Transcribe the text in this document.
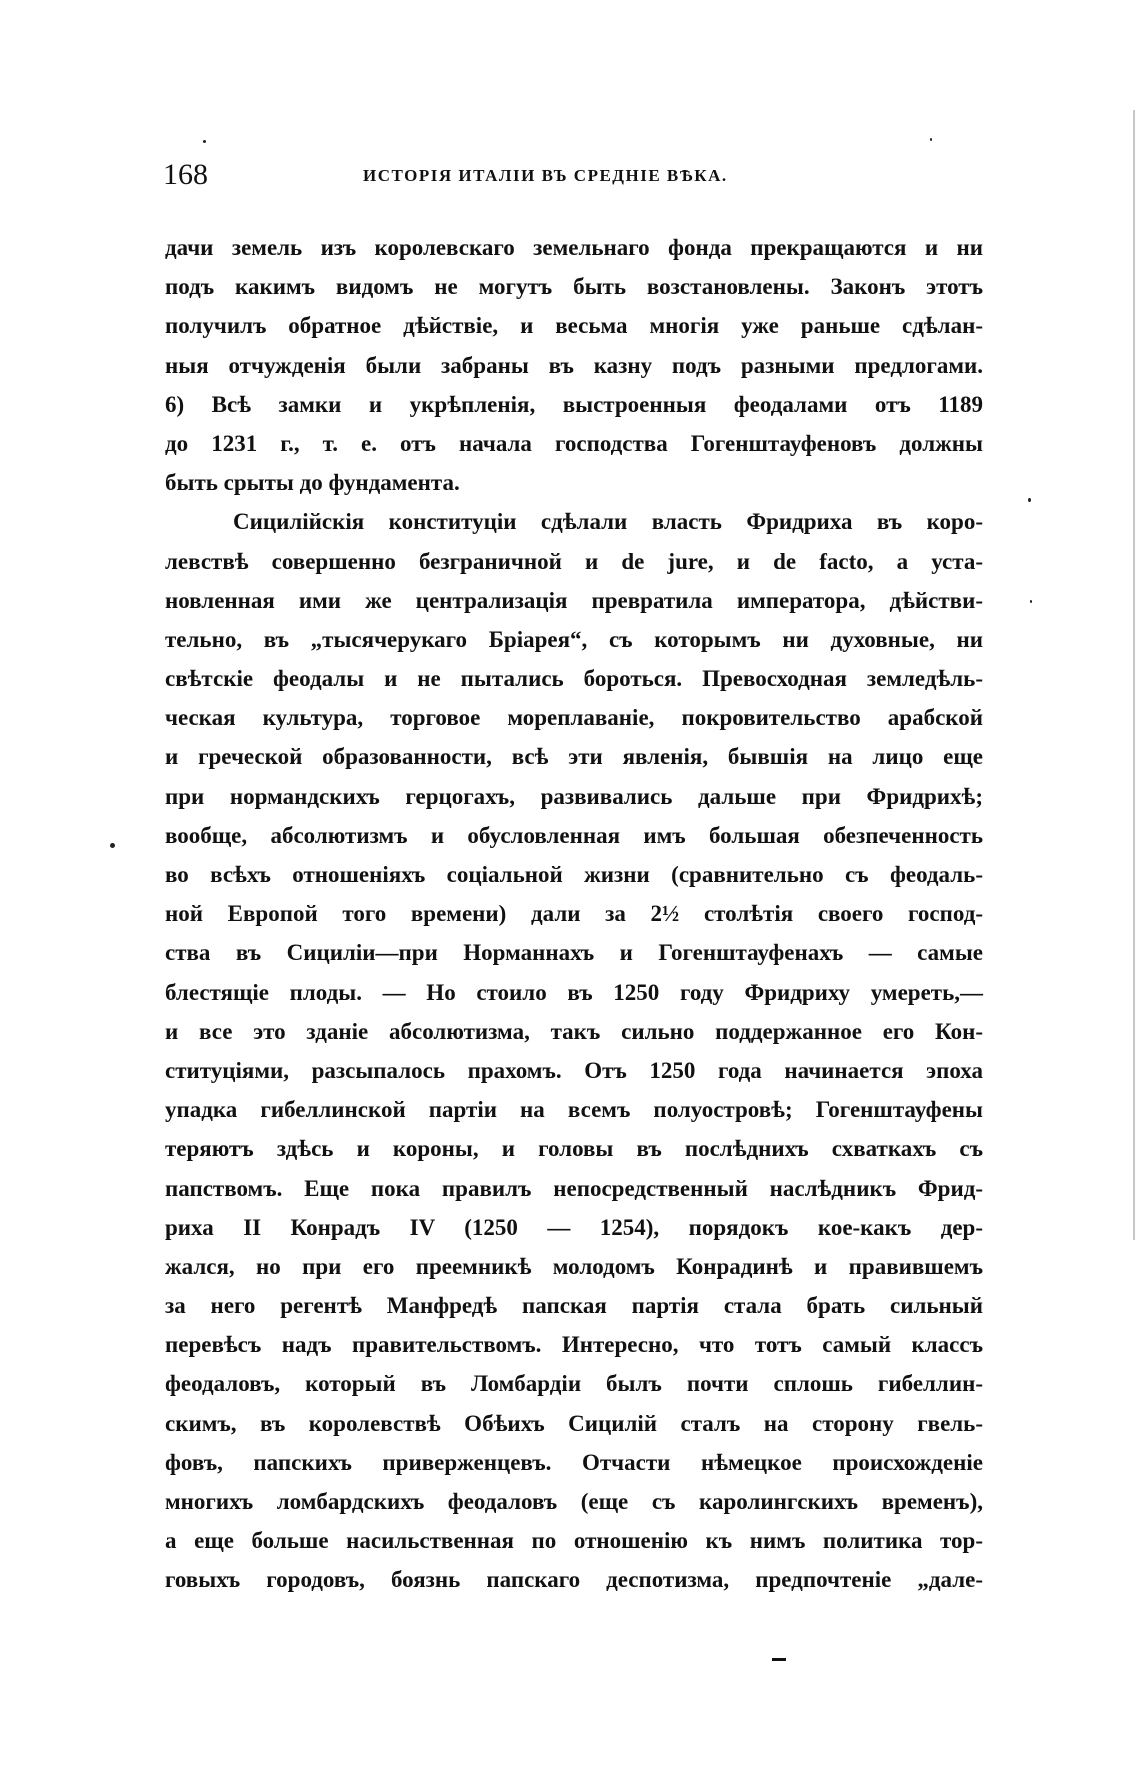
168	ИСТОРІЯ ИТАЛІИ ВЪ СРЕДНІЕ ВѢКА.
дачи земель изъ королевскаго земельнаго фонда прекращаются и ни
подъ какимъ видомъ не могутъ быть возстановлены. Законъ этотъ
получилъ обратное дѣйствіе, и весьма многія уже раньше сдѣлан-
ныя отчужденія были забраны въ казну подъ разными предлогами.
6) Всѣ замки и укрѣпленія, выстроенныя феодалами отъ 1189
до 1231 г., т. е. отъ начала господства Гогенштауфеновъ должны
быть срыты до фундамента.
Сицилійскія конституціи сдѣлали власть Фридриха въ коро-
левствѣ совершенно безграничной и de jure, и de facto, а уста-
новленная ими же централизація превратила императора, дѣйстви-
тельно, въ „тысячерукаго Бріарея“, съ которымъ ни духовные, ни
свѣтскіе феодалы и не пытались бороться. Превосходная земледѣль-
ческая культура, торговое мореплаваніе, покровительство арабской
и греческой образованности, всѣ эти явленія, бывшія на лицо еще
при нормандскихъ герцогахъ, развивались дальше при Фридрихѣ;
вообще, абсолютизмъ и обусловленная имъ большая обезпеченность
во всѣхъ отношеніяхъ соціальной жизни (сравнительно съ феодаль-
ной Европой того времени) дали за 2½ столѣтія своего господ-
ства въ Сициліи—при Норманнахъ и Гогенштауфенахъ — самые
блестящіе плоды. — Но стоило въ 1250 году Фридриху умереть,—
и все это зданіе абсолютизма, такъ сильно поддержанное его Кон-
ституціями, разсыпалось прахомъ. Отъ 1250 года начинается эпоха
упадка гибеллинской партіи на всемъ полуостровѣ; Гогенштауфены
теряютъ здѣсь и короны, и головы въ послѣднихъ схваткахъ съ
папствомъ. Еще пока правилъ непосредственный наслѣдникъ Фрид-
риха II Конрадъ IV (1250 — 1254), порядокъ кое-какъ дер-
жался, но при его преемникѣ молодомъ Конрадинѣ и правившемъ
за него регентѣ Манфредѣ папская партія стала брать сильный
перевѣсъ надъ правительствомъ. Интересно, что тотъ самый классъ
феодаловъ, который въ Ломбардіи былъ почти сплошь гибеллин-
скимъ, въ королевствѣ Обѣихъ Сицилій сталъ на сторону гвель-
фовъ, папскихъ приверженцевъ. Отчасти нѣмецкое происхожденіе
многихъ ломбардскихъ феодаловъ (еще съ каролингскихъ временъ),
а еще больше насильственная по отношенію къ нимъ политика тор-
говыхъ городовъ, боязнь папскаго деспотизма, предпочтеніе „дале-
